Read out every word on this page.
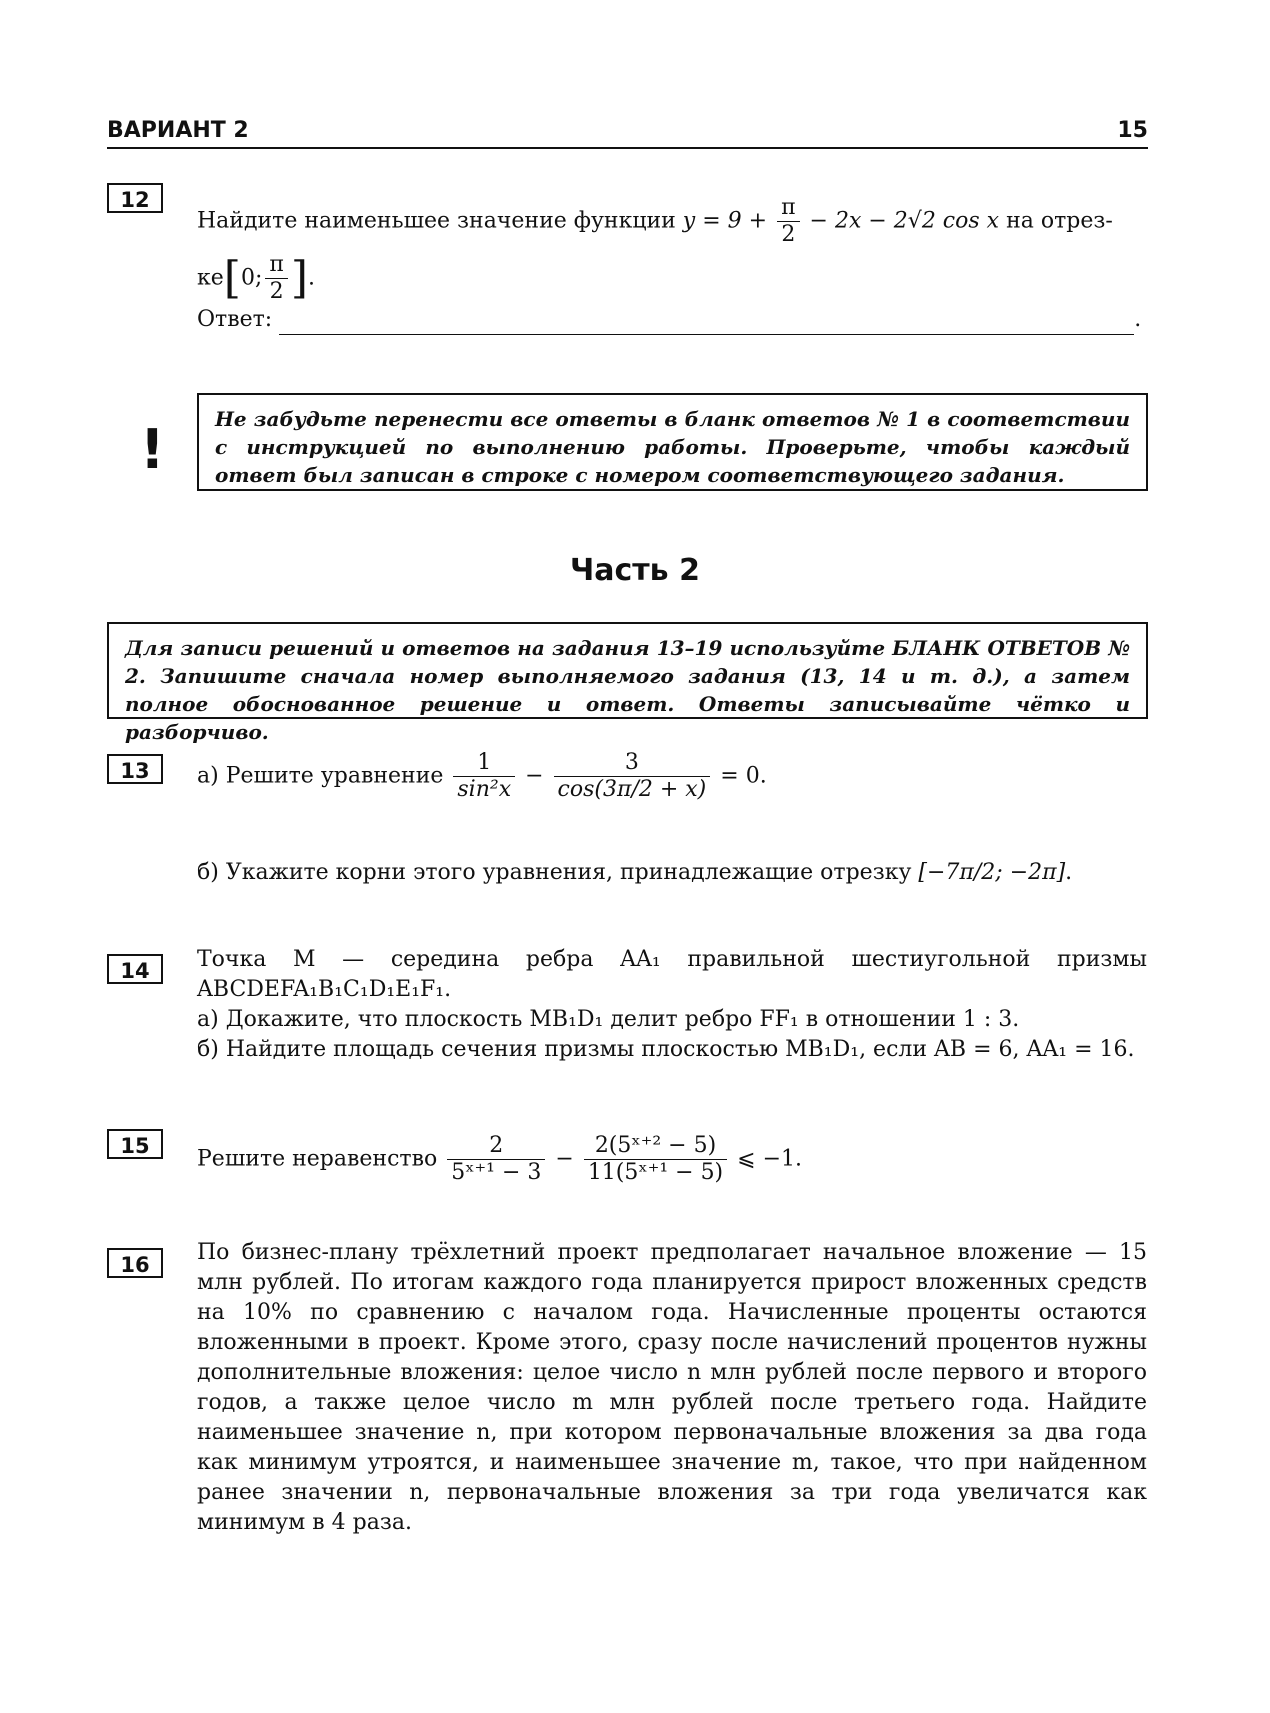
ВАРИАНТ 2	15
12
Найдите наименьшее значение функции $y = 9 + \frac{\pi}{2} - 2x - 2√2$ cos x на отрез-
ке[0; $\frac{\pi}{2}$ ].
Ответ:	.
!	Не забудьте перенести все ответы в бланк ответов № 1 в соответствии с инструкцией по выполнению работы. Проверьте, чтобы каждый ответ был записан в строке с номером соответствующего задания.
Часть 2
Для записи решений и ответов на задания 13–19 используйте БЛАНК ОТВЕТОВ № 2. Запишите сначала номер выполняемого задания (13, 14 и т. д.), а затем полное обоснованное решение и ответ. Ответы записывайте чётко и разборчиво.
13	а) Решите уравнение $\frac{1}{\text{sin²x}} - \frac{3}{\cos(3\pi/2 + x)} = 0$.
б) Укажите корни этого уравнения, принадлежащие отрезку [−7π/2; −2π].
14	Точка M — середина ребра AA₁ правильной шестиугольной призмы ABCDEFA₁B₁C₁D₁E₁F₁.
а) Докажите, что плоскость MB₁D₁ делит ребро FF₁ в отношении 1 : 3.
б) Найдите площадь сечения призмы плоскостью MB₁D₁, если AB = 6, AA₁ = 16.
15
Решите неравенство $\frac{2}{\text{5ˣ⁺¹ − 3}} - \frac{\text{2(5ˣ⁺² − 5)}}{\text{11(5ˣ⁺¹ − 5)}}$ ⩽ −1.
16	По бизнес-плану трёхлетний проект предполагает начальное вложение — 15 млн рублей. По итогам каждого года планируется прирост вложенных средств на 10% по сравнению с началом года. Начисленные проценты остаются вложенными в проект. Кроме этого, сразу после начислений процентов нужны дополнительные вложения: целое число n млн рублей после первого и второго годов, а также целое число m млн рублей после третьего года. Найдите наименьшее значение n, при котором первоначальные вложения за два года как минимум утроятся, и наименьшее значение m, такое, что при найденном ранее значении n, первоначальные вложения за три года увеличатся как минимум в 4 раза.
